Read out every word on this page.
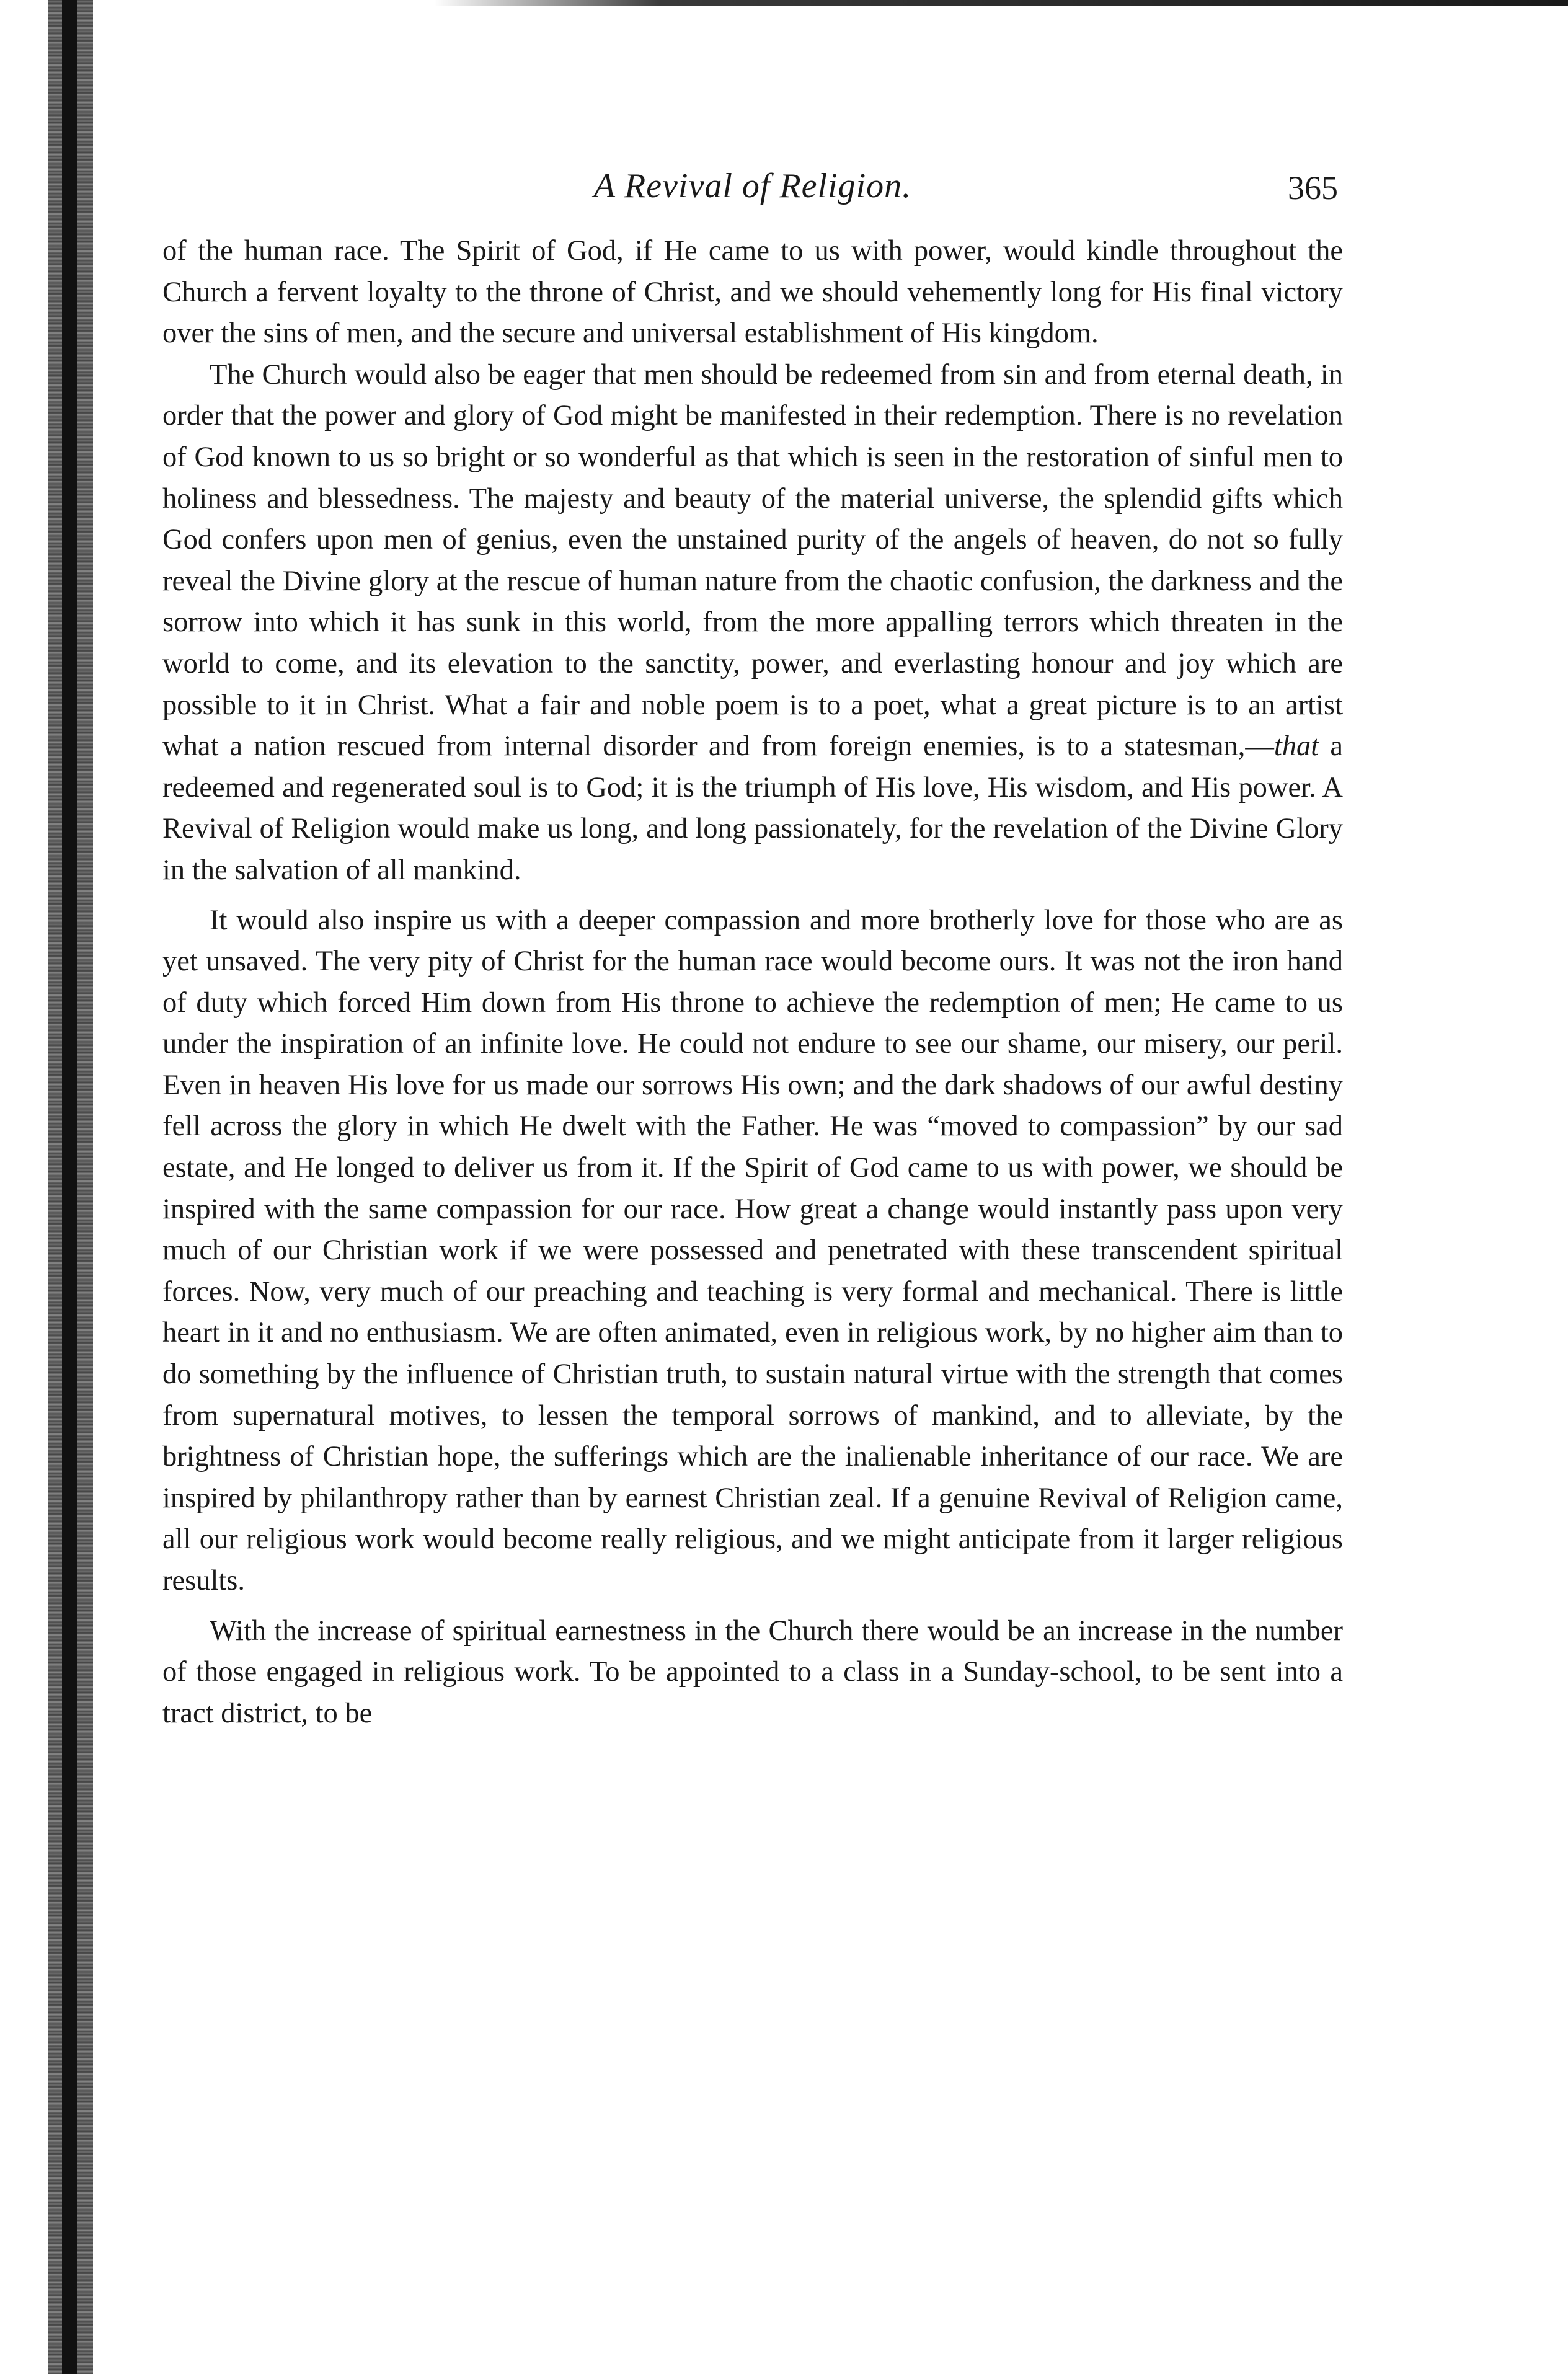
A Revival of Religion.	365

of the human race. The Spirit of God, if He came to us with power, would kindle throughout the Church a fervent loyalty to the throne of Christ, and we should vehemently long for His final victory over the sins of men, and the secure and universal establishment of His kingdom.

The Church would also be eager that men should be redeemed from sin and from eternal death, in order that the power and glory of God might be manifested in their redemption. There is no revelation of God known to us so bright or so wonderful as that which is seen in the restoration of sinful men to holiness and blessedness. The majesty and beauty of the material universe, the splendid gifts which God confers upon men of genius, even the unstained purity of the angels of heaven, do not so fully reveal the Divine glory at the rescue of human nature from the chaotic confusion, the darkness and the sorrow into which it has sunk in this world, from the more appalling terrors which threaten in the world to come, and its elevation to the sanctity, power, and everlasting honour and joy which are possible to it in Christ. What a fair and noble poem is to a poet, what a great picture is to an artist what a nation rescued from internal disorder and from foreign enemies, is to a statesman,—that a redeemed and regenerated soul is to God; it is the triumph of His love, His wisdom, and His power. A Revival of Religion would make us long, and long passionately, for the revelation of the Divine Glory in the salvation of all mankind.

It would also inspire us with a deeper compassion and more brotherly love for those who are as yet unsaved. The very pity of Christ for the human race would become ours. It was not the iron hand of duty which forced Him down from His throne to achieve the redemption of men; He came to us under the inspiration of an infinite love. He could not endure to see our shame, our misery, our peril. Even in heaven His love for us made our sorrows His own; and the dark shadows of our awful destiny fell across the glory in which He dwelt with the Father. He was “moved to compassion” by our sad estate, and He longed to deliver us from it. If the Spirit of God came to us with power, we should be inspired with the same compassion for our race. How great a change would instantly pass upon very much of our Christian work if we were possessed and penetrated with these transcendent spiritual forces. Now, very much of our preaching and teaching is very formal and mechanical. There is little heart in it and no enthusiasm. We are often animated, even in religious work, by no higher aim than to do something by the influence of Christian truth, to sustain natural virtue with the strength that comes from supernatural motives, to lessen the temporal sorrows of mankind, and to alleviate, by the brightness of Christian hope, the sufferings which are the inalienable inheritance of our race. We are inspired by philanthropy rather than by earnest Christian zeal. If a genuine Revival of Religion came, all our religious work would become really religious, and we might anticipate from it larger religious results.

With the increase of spiritual earnestness in the Church there would be an increase in the number of those engaged in religious work. To be appointed to a class in a Sunday-school, to be sent into a tract district, to be
